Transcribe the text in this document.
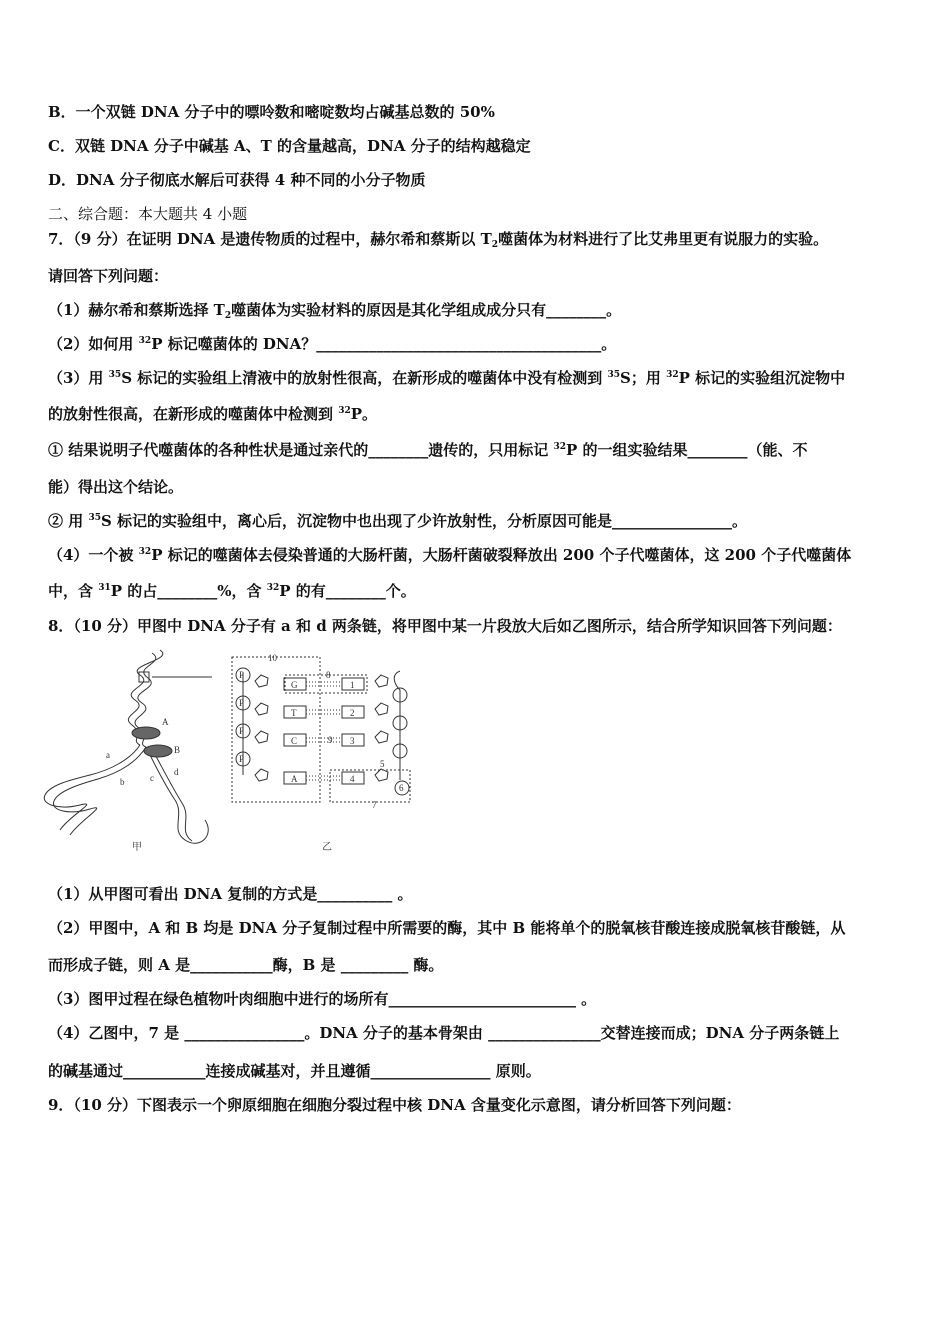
B．一个双链 DNA 分子中的嘌呤数和嘧啶数均占碱基总数的 50%
C．双链 DNA 分子中碱基 A、T 的含量越高，DNA 分子的结构越稳定
D．DNA 分子彻底水解后可获得 4 种不同的小分子物质
二、综合题：本大题共 4 小题
7．（9 分）在证明 DNA 是遗传物质的过程中，赫尔希和蔡斯以 $T_2$噬菌体为材料进行了比艾弗里更有说服力的实验。
请回答下列问题：
（1）赫尔希和蔡斯选择 $T_2$噬菌体为实验材料的原因是其化学组成成分只有________。
（2）如何用 $^{32}$P 标记噬菌体的 DNA？______________________________________。
（3）用 $^{35}$S 标记的实验组上清液中的放射性很高，在新形成的噬菌体中没有检测到 $^{35}$S；用 $^{32}$P 标记的实验组沉淀物中
的放射性很高，在新形成的噬菌体中检测到 $^{32}$P。
① 结果说明子代噬菌体的各种性状是通过亲代的________遗传的，只用标记 $^{32}$P 的一组实验结果________（能、不
能）得出这个结论。
② 用 $^{35}$S 标记的实验组中，离心后，沉淀物中也出现了少许放射性，分析原因可能是________________。
（4）一个被 $^{32}$P 标记的噬菌体去侵染普通的大肠杆菌，大肠杆菌破裂释放出 200 个子代噬菌体，这 200 个子代噬菌体
中，含 $^{31}$P 的占________%，含 $^{32}$P 的有________个。
8．（10 分）甲图中 DNA 分子有 a 和 d 两条链，将甲图中某一片段放大后如乙图所示，结合所学知识回答下列问题：
A
B
a
b	c
d
甲
10
8
7
P
G	1
P
T	2
P
C	9 3
P
A	4
5
6
乙
（1）从甲图可看出 DNA 复制的方式是__________ 。
（2）甲图中，A 和 B 均是 DNA 分子复制过程中所需要的酶，其中 B 能将单个的脱氧核苷酸连接成脱氧核苷酸链，从
而形成子链，则 A 是___________酶，B 是 _________ 酶。
（3）图甲过程在绿色植物叶肉细胞中进行的场所有_________________________ 。
（4）乙图中，7 是 ________________。DNA 分子的基本骨架由 _______________交替连接而成；DNA 分子两条链上
的碱基通过___________连接成碱基对，并且遵循________________ 原则。
9．（10 分）下图表示一个卵原细胞在细胞分裂过程中核 DNA 含量变化示意图，请分析回答下列问题：
